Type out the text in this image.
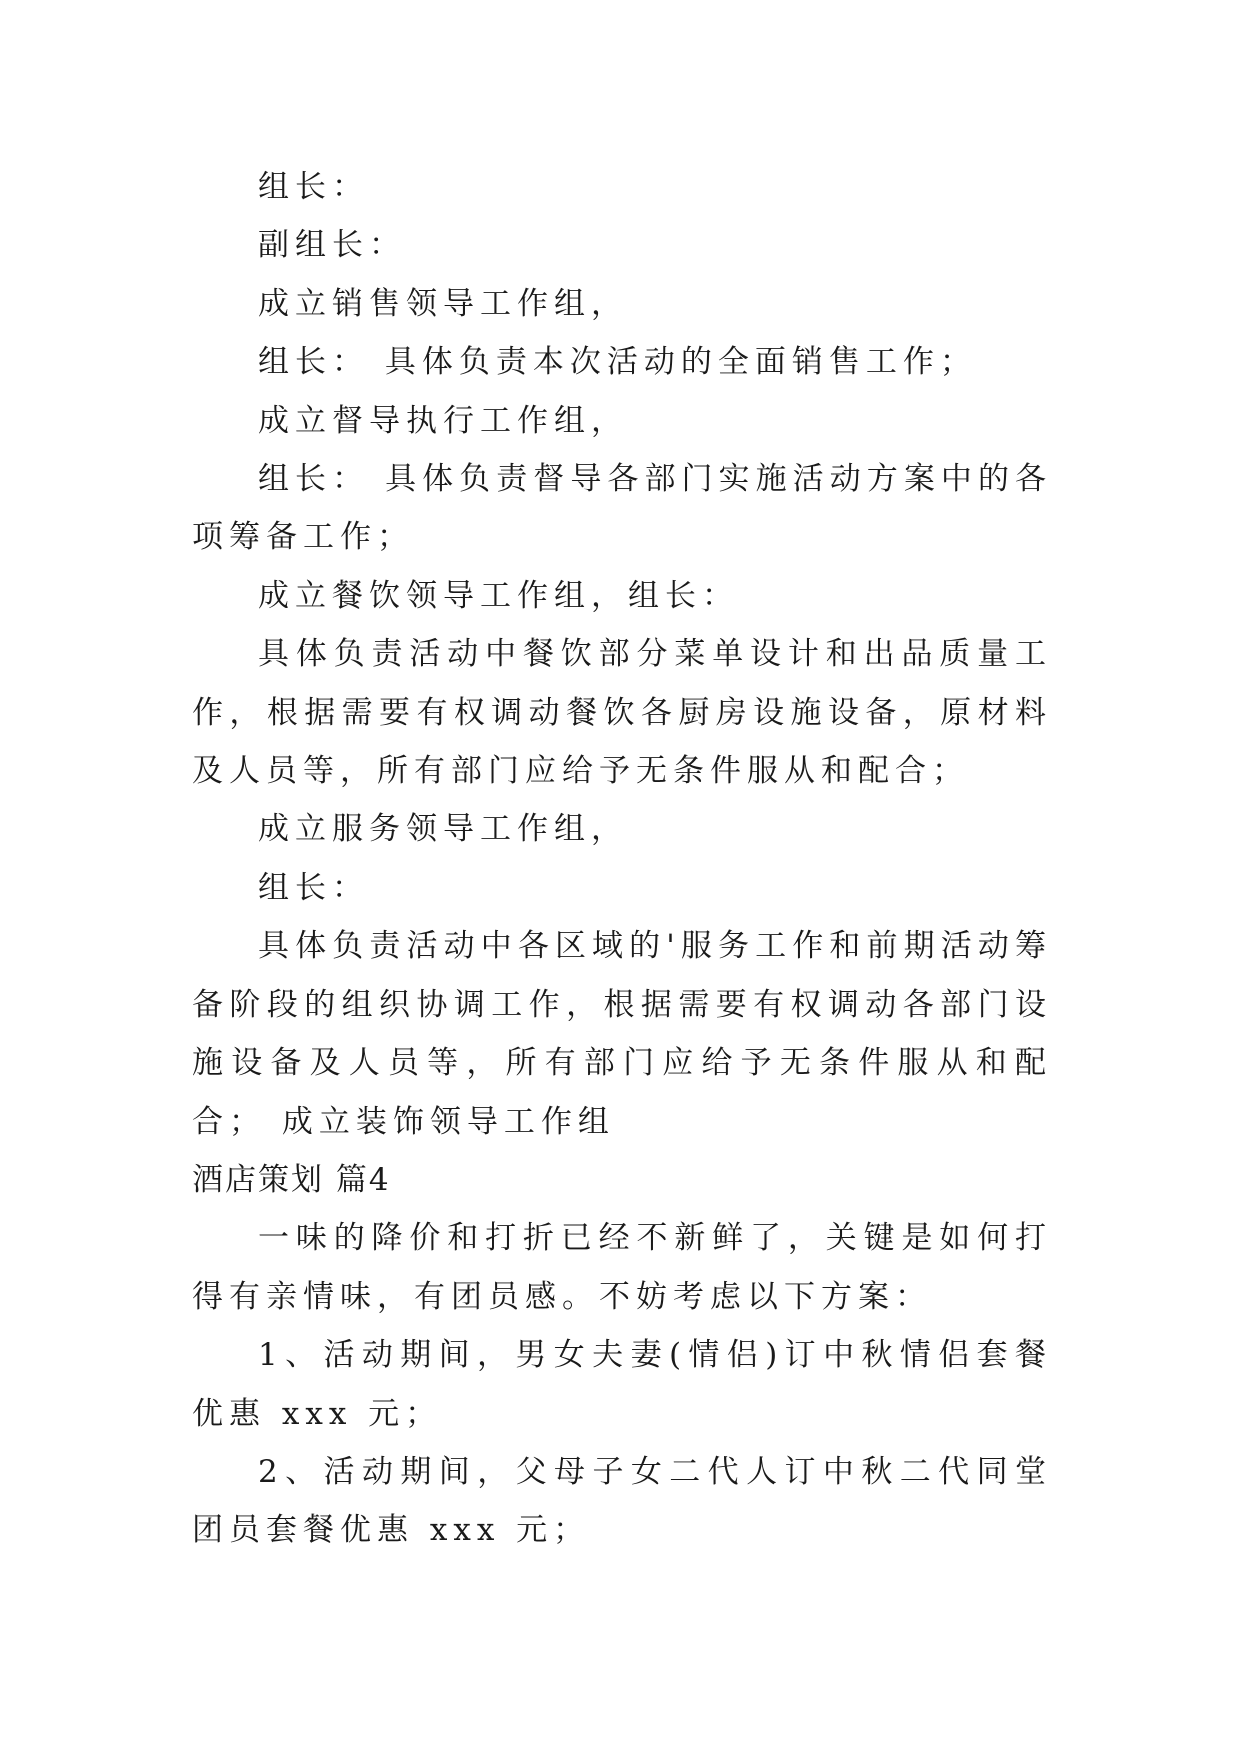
组长：

副组长：

成立销售领导工作组，

组长： 具体负责本次活动的全面销售工作；

成立督导执行工作组，

组长： 具体负责督导各部门实施活动方案中的各项筹备工作；

成立餐饮领导工作组，组长：

具体负责活动中餐饮部分菜单设计和出品质量工作，根据需要有权调动餐饮各厨房设施设备，原材料及人员等，所有部门应给予无条件服从和配合；

成立服务领导工作组，

组长：

具体负责活动中各区域的'服务工作和前期活动筹备阶段的组织协调工作，根据需要有权调动各部门设施设备及人员等，所有部门应给予无条件服从和配合； 成立装饰领导工作组

酒店策划 篇4

一味的降价和打折已经不新鲜了，关键是如何打得有亲情味，有团员感。不妨考虑以下方案：

1、活动期间，男女夫妻(情侣)订中秋情侣套餐优惠 xxx 元；

2、活动期间，父母子女二代人订中秋二代同堂团员套餐优惠 xxx 元；
